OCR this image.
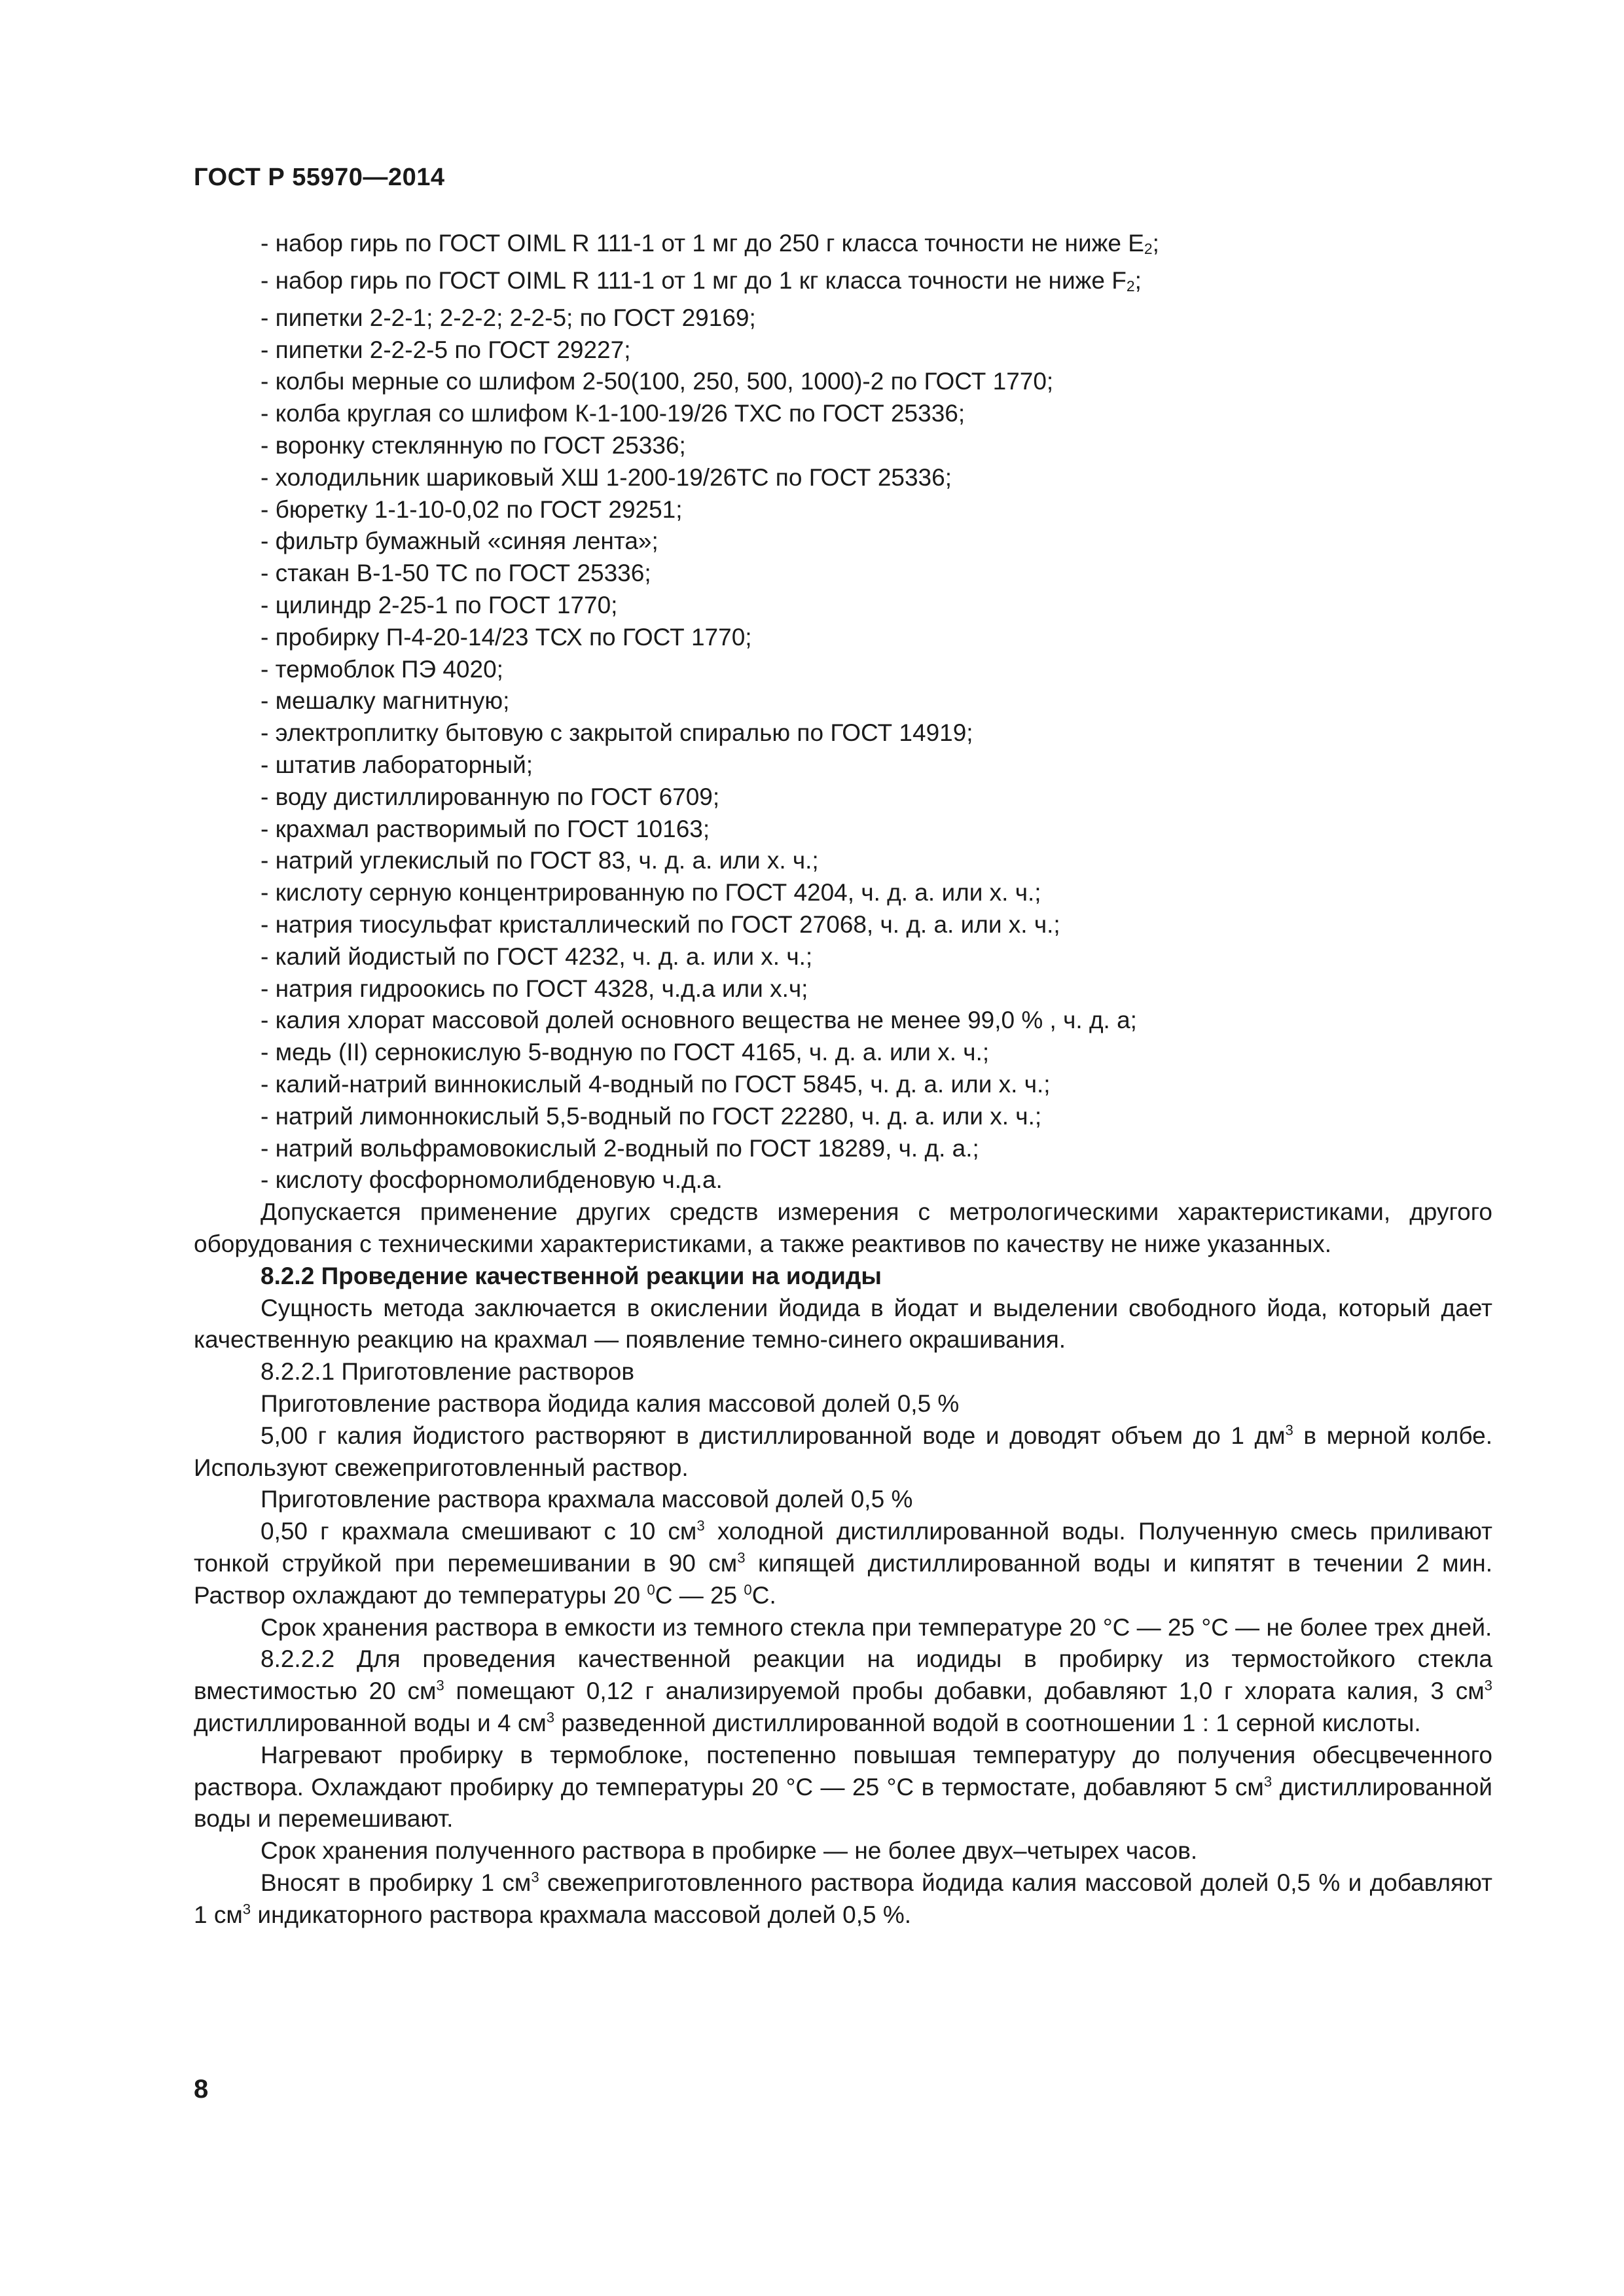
ГОСТ Р 55970—2014

- набор гирь по ГОСТ OIML R 111-1 от 1 мг до 250 г класса точности не ниже E2;

- набор гирь по ГОСТ OIML R 111-1 от 1 мг до 1 кг класса точности не ниже F2;

- пипетки 2-2-1; 2-2-2; 2-2-5; по ГОСТ 29169;

- пипетки 2-2-2-5 по ГОСТ 29227;

- колбы мерные со шлифом 2-50(100, 250, 500, 1000)-2 по ГОСТ 1770;

- колба круглая со шлифом К-1-100-19/26 ТХС по ГОСТ 25336;

- воронку стеклянную по ГОСТ 25336;

- холодильник шариковый ХШ 1-200-19/26ТС по ГОСТ 25336;

- бюретку 1-1-10-0,02 по ГОСТ 29251;

- фильтр бумажный «синяя лента»;

- стакан В-1-50 ТС по ГОСТ 25336;

- цилиндр 2-25-1 по ГОСТ 1770;

- пробирку П-4-20-14/23 ТСХ по ГОСТ 1770;

- термоблок ПЭ 4020;

- мешалку магнитную;

- электроплитку бытовую с закрытой спиралью по ГОСТ 14919;

- штатив лабораторный;

- воду дистиллированную по ГОСТ 6709;

- крахмал растворимый по ГОСТ 10163;

- натрий углекислый по ГОСТ 83, ч. д. а. или х. ч.;

- кислоту серную концентрированную по ГОСТ 4204, ч. д. а. или х. ч.;

- натрия тиосульфат кристаллический по ГОСТ 27068, ч. д. а. или х. ч.;

- калий йодистый по ГОСТ 4232, ч. д. а. или х. ч.;

- натрия гидроокись по ГОСТ 4328, ч.д.а или х.ч;

- калия хлорат массовой долей основного вещества не менее 99,0 % , ч. д. а;

- медь (II) сернокислую 5-водную по ГОСТ 4165, ч. д. а. или х. ч.;

- калий-натрий виннокислый 4-водный по ГОСТ 5845, ч. д. а. или х. ч.;

- натрий лимоннокислый 5,5-водный по ГОСТ 22280, ч. д. а. или х. ч.;

- натрий вольфрамовокислый 2-водный по ГОСТ 18289, ч. д. а.;

- кислоту фосфорномолибденовую ч.д.а.

Допускается применение других средств измерения с метрологическими характеристиками, другого оборудования с техническими характеристиками, а также реактивов по качеству не ниже указанных.

8.2.2 Проведение качественной реакции на иодиды

Сущность метода заключается в окислении йодида в йодат и выделении свободного йода, который дает качественную реакцию на крахмал — появление темно-синего окрашивания.

8.2.2.1 Приготовление растворов

Приготовление раствора йодида калия массовой долей 0,5 %

5,00 г калия йодистого растворяют в дистиллированной воде и доводят объем до 1 $дм^3$ в мерной колбе. Используют свежеприготовленный раствор.

Приготовление раствора крахмала массовой долей 0,5 %

0,50 г крахмала смешивают с 10 $см^3$ холодной дистиллированной воды. Полученную смесь приливают тонкой струйкой при перемешивании в 90 $см^3$ кипящей дистиллированной воды и кипятят в течении 2 мин. Раствор охлаждают до температуры 20 $^0$С — 25 $^0$С.

Срок хранения раствора в емкости из темного стекла при температуре 20 °С — 25 °С — не более трех дней.

8.2.2.2 Для проведения качественной реакции на иодиды в пробирку из термостойкого стекла вместимостью 20 $см^3$ помещают 0,12 г анализируемой пробы добавки, добавляют 1,0 г хлората калия, 3 $см^3$ дистиллированной воды и 4 $см^3$ разведенной дистиллированной водой в соотношении 1 : 1 серной кислоты.

Нагревают пробирку в термоблоке, постепенно повышая температуру до получения обесцвеченного раствора. Охлаждают пробирку до температуры 20 °С — 25 °С в термостате, добавляют 5 $см^3$ дистиллированной воды и перемешивают.

Срок хранения полученного раствора в пробирке — не более двух–четырех часов.

Вносят в пробирку 1 $см^3$ свежеприготовленного раствора йодида калия массовой долей 0,5 % и добавляют 1 $см^3$ индикаторного раствора крахмала массовой долей 0,5 %.

8
